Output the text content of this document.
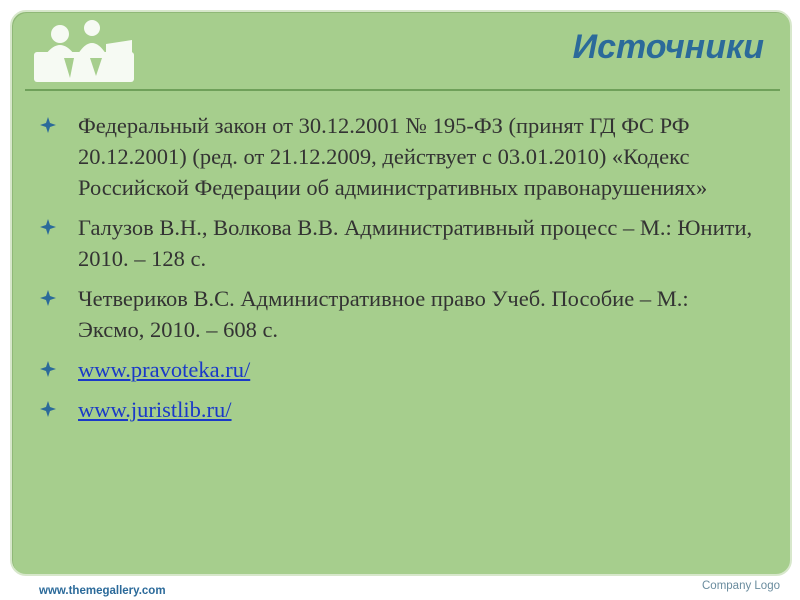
Источники
Федеральный закон от 30.12.2001 № 195-ФЗ (принят ГД ФС РФ 20.12.2001) (ред. от 21.12.2009, действует с 03.01.2010) «Кодекс Российской Федерации об административных правонарушениях»
Галузов В.Н., Волкова В.В. Административный процесс – М.: Юнити, 2010. – 128 с.
Четвериков В.С. Административное право Учеб. Пособие – М.: Эксмо, 2010. – 608 с.
www.pravoteka.ru/
www.juristlib.ru/
www.themegallery.com	Company Logo
